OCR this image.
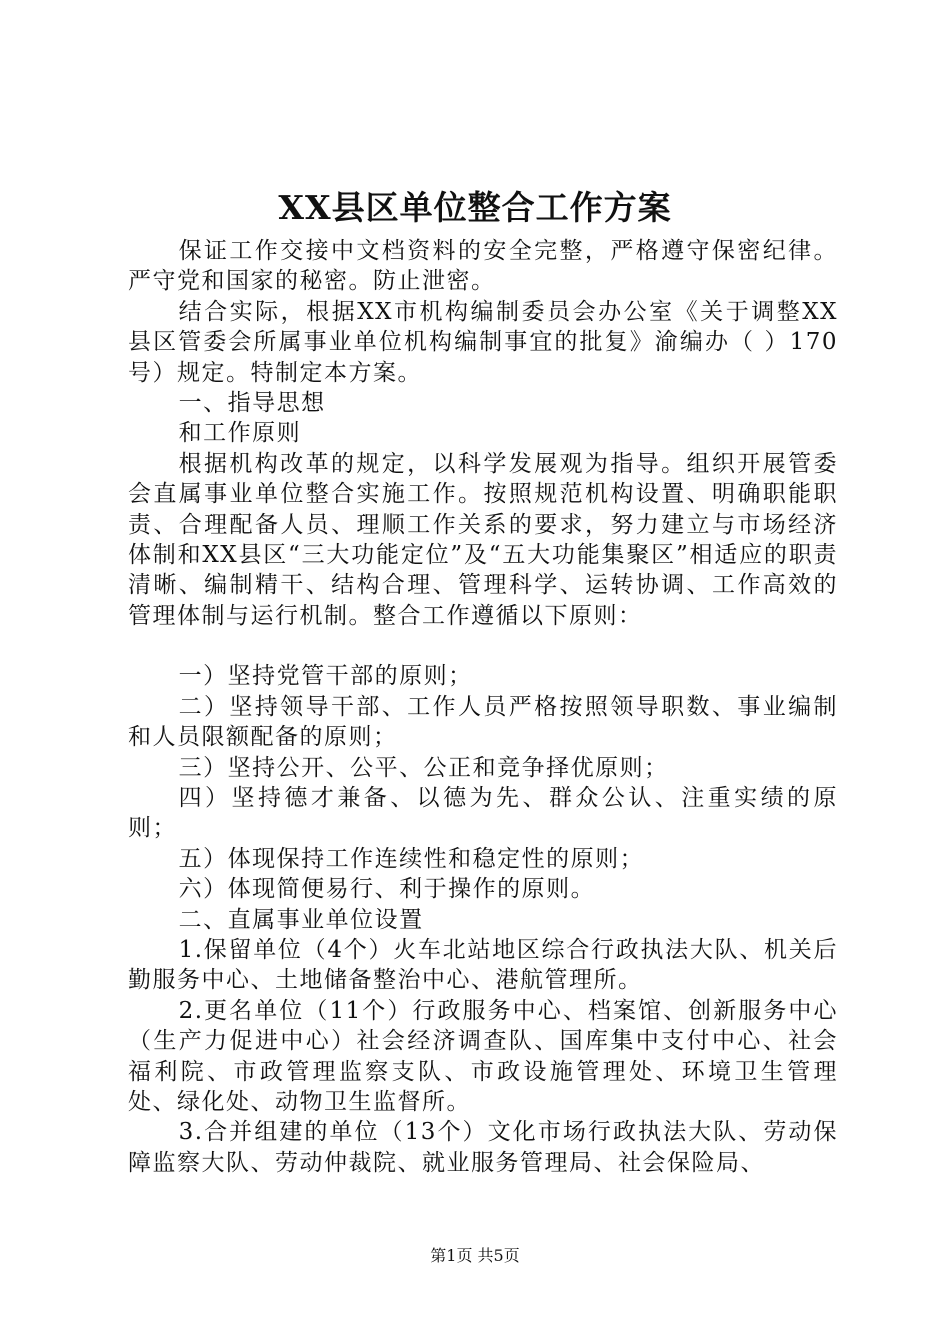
XX县区单位整合工作方案

保证工作交接中文档资料的安全完整，严格遵守保密纪律。严守党和国家的秘密。防止泄密。

结合实际，根据XX市机构编制委员会办公室《关于调整XX县区管委会所属事业单位机构编制事宜的批复》渝编办（ ）170号）规定。特制定本方案。

一、指导思想

和工作原则

根据机构改革的规定，以科学发展观为指导。组织开展管委会直属事业单位整合实施工作。按照规范机构设置、明确职能职责、合理配备人员、理顺工作关系的要求，努力建立与市场经济体制和XX县区“三大功能定位”及“五大功能集聚区”相适应的职责清晰、编制精干、结构合理、管理科学、运转协调、工作高效的管理体制与运行机制。整合工作遵循以下原则：

一）坚持党管干部的原则；

二）坚持领导干部、工作人员严格按照领导职数、事业编制和人员限额配备的原则；

三）坚持公开、公平、公正和竞争择优原则；

四）坚持德才兼备、以德为先、群众公认、注重实绩的原则；

五）体现保持工作连续性和稳定性的原则；

六）体现简便易行、利于操作的原则。

二、直属事业单位设置

1.保留单位（4个）火车北站地区综合行政执法大队、机关后勤服务中心、土地储备整治中心、港航管理所。

2.更名单位（11个）行政服务中心、档案馆、创新服务中心（生产力促进中心）社会经济调查队、国库集中支付中心、社会福利院、市政管理监察支队、市政设施管理处、环境卫生管理处、绿化处、动物卫生监督所。

3.合并组建的单位（13个）文化市场行政执法大队、劳动保障监察大队、劳动仲裁院、就业服务管理局、社会保险局、

第1页 共5页
